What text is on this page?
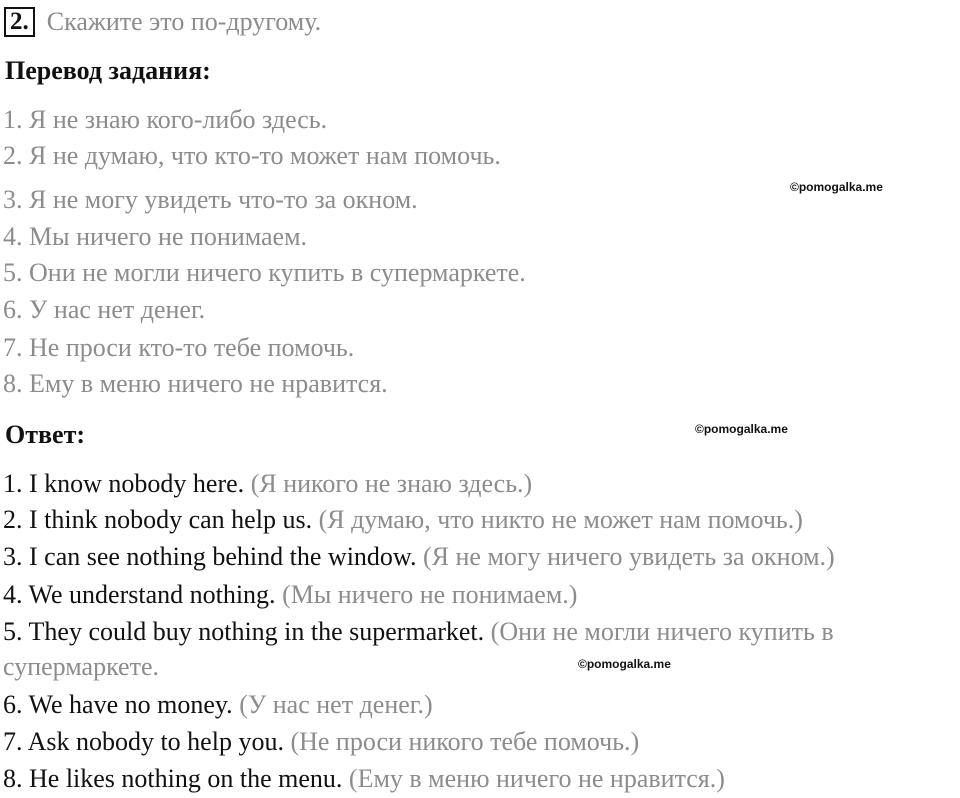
2. Скажите это по-другому.
Перевод задания:
1. Я не знаю кого-либо здесь.
2. Я не думаю, что кто-то может нам помочь.
3. Я не могу увидеть что-то за окном.
4. Мы ничего не понимаем.
5. Они не могли ничего купить в супермаркете.
6. У нас нет денег.
7. Не проси кто-то тебе помочь.
8. Ему в меню ничего не нравится.
©pomogalka.me
Ответ:	©pomogalka.me
1. I know nobody here. (Я никого не знаю здесь.)
2. I think nobody can help us. (Я думаю, что никто не может нам помочь.)
3. I can see nothing behind the window. (Я не могу ничего увидеть за окном.)
4. We understand nothing. (Мы ничего не понимаем.)
5. They could buy nothing in the supermarket. (Они не могли ничего купить в
супермаркете.	©pomogalka.me
6. We have no money. (У нас нет денег.)
7. Ask nobody to help you. (Не проси никого тебе помочь.)
8. He likes nothing on the menu. (Ему в меню ничего не нравится.)
